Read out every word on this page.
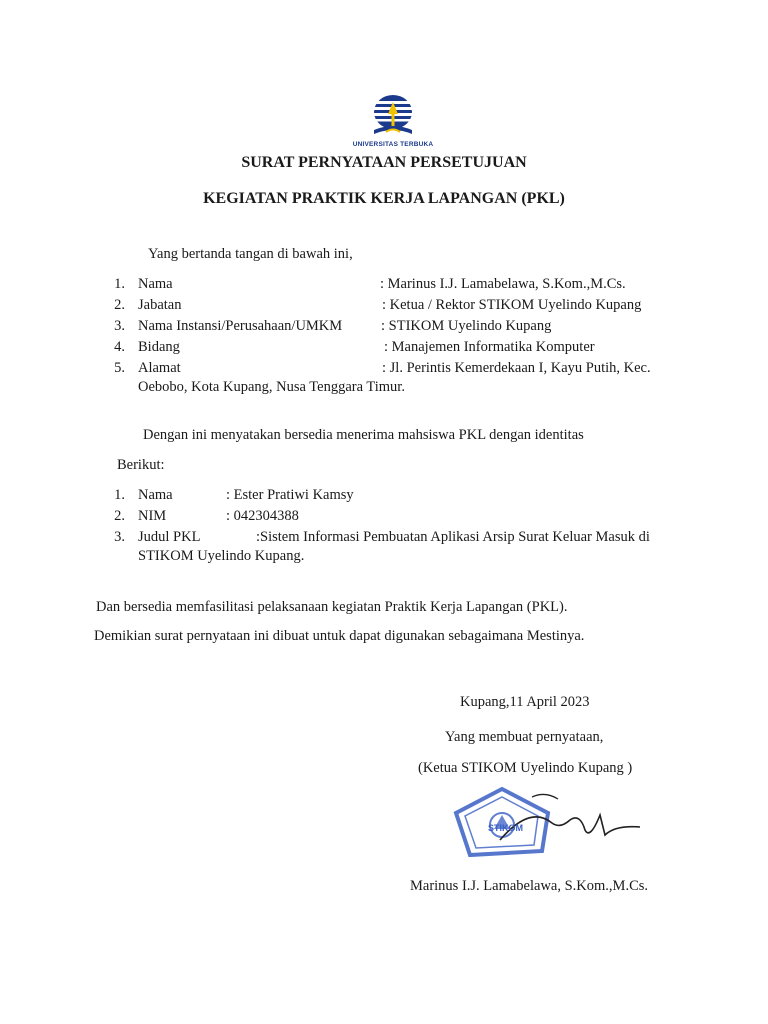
UNIVERSITAS TERBUKA
SURAT PERNYATAAN PERSETUJUAN
KEGIATAN PRAKTIK KERJA LAPANGAN (PKL)
Yang bertanda tangan di bawah ini,
1. Nama	: Marinus I.J. Lamabelawa, S.Kom.,M.Cs.
2. Jabatan	: Ketua / Rektor STIKOM Uyelindo Kupang
3. Nama Instansi/Perusahaan/UMKM	: STIKOM Uyelindo Kupang
4. Bidang	: Manajemen Informatika Komputer
5. Alamat	: Jl. Perintis Kemerdekaan I, Kayu Putih, Kec.
Oebobo, Kota Kupang, Nusa Tenggara Timur.
Dengan ini menyatakan bersedia menerima mahsiswa PKL dengan identitas
Berikut:
1. Nama	: Ester Pratiwi Kamsy
2. NIM	: 042304388
3. Judul PKL	:Sistem Informasi Pembuatan Aplikasi Arsip Surat Keluar Masuk di
STIKOM Uyelindo Kupang.
Dan bersedia memfasilitasi pelaksanaan kegiatan Praktik Kerja Lapangan (PKL).
Demikian surat pernyataan ini dibuat untuk dapat digunakan sebagaimana Mestinya.
Kupang,11 April 2023
Yang membuat pernyataan,
(Ketua STIKOM Uyelindo Kupang )
STIKOM
Marinus I.J. Lamabelawa, S.Kom.,M.Cs.
